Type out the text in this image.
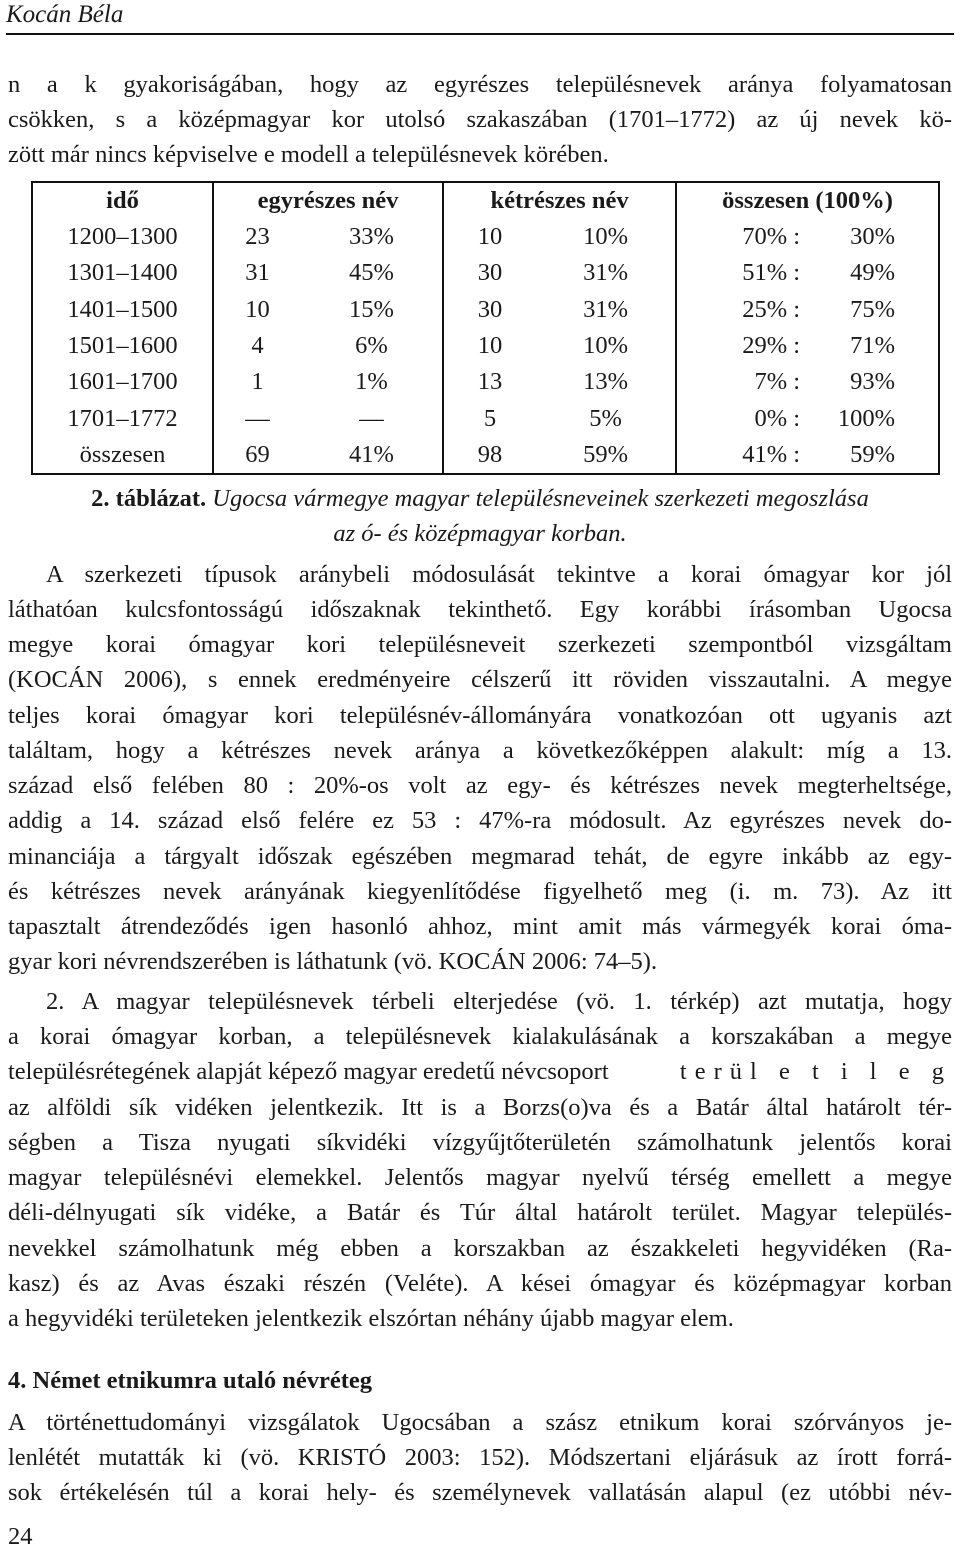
Kocán Béla

n a k gyakoriságában, hogy az egyrészes településnevek aránya folyamatosan

csökken, s a középmagyar kor utolsó szakaszában (1701–1772) az új nevek kö-

zött már nincs képviselve e modell a településnevek körében.

idő	egyrészes név		kétrészes név		összesen (100%)
1200–1300	23	33%	10	10%	70% : 30%
1301–1400	31	45%	30	31%	51% : 49%
1401–1500	10	15%	30	31%	25% : 75%
1501–1600	4	6%	10	10%	29% : 71%
1601–1700	1	1%	13	13%	7% : 93%
1701–1772	—	—	5	5%	0% : 100%
összesen	69	41%	98	59%	41% : 59%
2. táblázat. Ugocsa vármegye magyar településneveinek szerkezeti megoszlása
az ó- és középmagyar korban.

A szerkezeti típusok aránybeli módosulását tekintve a korai ómagyar kor jól

láthatóan kulcsfontosságú időszaknak tekinthető. Egy korábbi írásomban Ugocsa

megye korai ómagyar kori településneveit szerkezeti szempontból vizsgáltam

(KOCÁN 2006), s ennek eredményeire célszerű itt röviden visszautalni. A megye

teljes korai ómagyar kori településnév-állományára vonatkozóan ott ugyanis azt

találtam, hogy a kétrészes nevek aránya a következőképpen alakult: míg a 13.

század első felében 80 : 20%-os volt az egy- és kétrészes nevek megterheltsége,

addig a 14. század első felére ez 53 : 47%-ra módosult. Az egyrészes nevek do-

minanciája a tárgyalt időszak egészében megmarad tehát, de egyre inkább az egy-

és kétrészes nevek arányának kiegyenlítődése figyelhető meg (i. m. 73). Az itt

tapasztalt átrendeződés igen hasonló ahhoz, mint amit más vármegyék korai óma-

gyar kori névrendszerében is láthatunk (vö. KOCÁN 2006: 74–5).

2. A magyar településnevek térbeli elterjedése (vö. 1. térkép) azt mutatja, hogy

a korai ómagyar korban, a településnevek kialakulásának a korszakában a megye

településrétegének alapját képező magyar eredetű névcsoport	terül e t i l e g

az alföldi sík vidéken jelentkezik. Itt is a Borzs(o)va és a Batár által határolt tér-

ségben a Tisza nyugati síkvidéki vízgyűjtőterületén számolhatunk jelentős korai

magyar településnévi elemekkel. Jelentős magyar nyelvű térség emellett a megye

déli-délnyugati sík vidéke, a Batár és Túr által határolt terület. Magyar település-

nevekkel számolhatunk még ebben a korszakban az északkeleti hegyvidéken (Ra-

kasz) és az Avas északi részén (Veléte). A kései ómagyar és középmagyar korban

a hegyvidéki területeken jelentkezik elszórtan néhány újabb magyar elem.

4. Német etnikumra utaló névréteg

A történettudományi vizsgálatok Ugocsában a szász etnikum korai szórványos je-

lenlétét mutatták ki (vö. KRISTÓ 2003: 152). Módszertani eljárásuk az írott forrá-

sok értékelésén túl a korai hely- és személynevek vallatásán alapul (ez utóbbi név-

24
